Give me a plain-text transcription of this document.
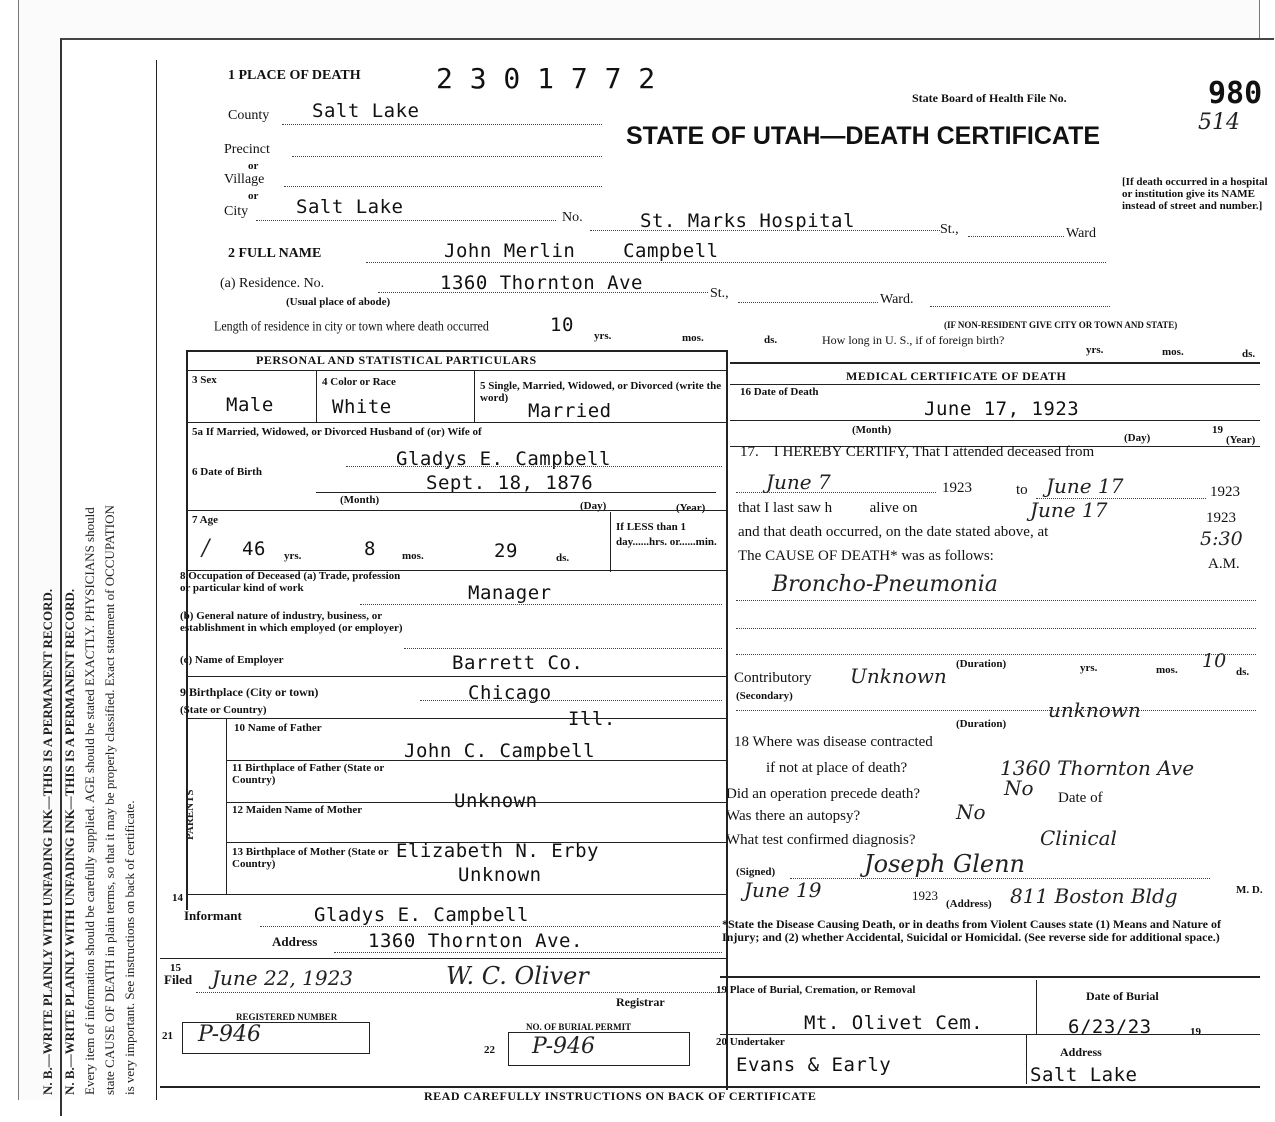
N. B.—WRITE PLAINLY WITH UNFADING INK—THIS IS A PERMANENT RECORD. N. B.—WRITE PLAINLY WITH UNFADING INK—THIS IS A PERMANENT RECORD. Every item of information should be carefully supplied. AGE should be stated EXACTLY. PHYSICIANS should state CAUSE OF DEATH in plain terms, so that it may be properly classified. Exact statement of OCCUPATION is very important. See instructions on back of certificate.
1 PLACE OF DEATH	2 3 0 1 7 7 2
State Board of Health File No.	980
514
STATE OF UTAH—DEATH CERTIFICATE
[If death occurred in a hospital or institution give its NAME instead of street and number.]
County Salt Lake
Precinct
or
Village
or
City	Salt Lake	No.	St. Marks Hospital	St.,	Ward
2 FULL NAME	John Merlin    Campbell
(a) Residence. No.	1360 Thornton Ave	St.,	Ward.
(Usual place of abode)
(IF NON-RESIDENT GIVE CITY OR TOWN AND STATE)
Length of residence in city or town where death occurred	10 yrs.	mos.	ds.	How long in U. S., if of foreign birth?
yrs.	mos.	ds.
PERSONAL AND STATISTICAL PARTICULARS
3 Sex
Male
4 Color or Race
White
5 Single, Married, Widowed, or Divorced (write the word)
Married
5a If Married, Widowed, or Divorced Husband of (or) Wife of
Gladys E. Campbell
6 Date of Birth	Sept. 18, 1876
(Month)	(Day)	(Year)
7 Age
/ 46 yrs.	8 mos.	29	ds.
If LESS than 1 day......hrs. or......min.
8 Occupation of Deceased (a) Trade, profession or particular kind of work	Manager
(b) General nature of industry, business, or establishment in which employed (or employer)
(c) Name of Employer	Barrett Co.
9 Birthplace (City or town)	Chicago
(State or Country)	Ill.
PARENTS
10 Name of Father
John C. Campbell
11 Birthplace of Father (State or Country)
Unknown
12 Maiden Name of Mother
Elizabeth N. Erby
13 Birthplace of Mother (State or Country)	Unknown
14
Informant	Gladys E. Campbell
Address	1360 Thornton Ave.
15
Filed June 22, 1923	W. C. Oliver
Registrar
21
REGISTERED NUMBER
P-946
22
NO. OF BURIAL PERMIT
P-946
MEDICAL CERTIFICATE OF DEATH
16 Date of Death
June 17, 1923
(Month)
(Day)
19
(Year)
17.    I HEREBY CERTIFY, That I attended deceased from
June 7	1923	to June 17	1923
that I last saw h          alive on	June 17	1923
and that death occurred, on the date stated above, at	5:30
The CAUSE OF DEATH* was as follows:	A.M.
Broncho-Pneumonia
(Duration)	yrs.	mos. 10 ds.
Contributory Unknown
(Secondary)
(Duration)
unknown
18 Where was disease contracted
if not at place of death?	1360 Thornton Ave
Did an operation precede death?	No Date of
Was there an autopsy?	No
What test confirmed diagnosis?	Clinical
(Signed)	Joseph Glenn
M. D.
June 19	1923
(Address) 811 Boston Bldg
*State the Disease Causing Death, or in deaths from Violent Causes state (1) Means and Nature of Injury; and (2) whether Accidental, Suicidal or Homicidal. (See reverse side for additional space.)
19 Place of Burial, Cremation, or Removal
Mt. Olivet Cem.
Date of Burial
6/23/23	19
20 Undertaker
Evans & Early
Address
Salt Lake
READ CAREFULLY INSTRUCTIONS ON BACK OF CERTIFICATE
